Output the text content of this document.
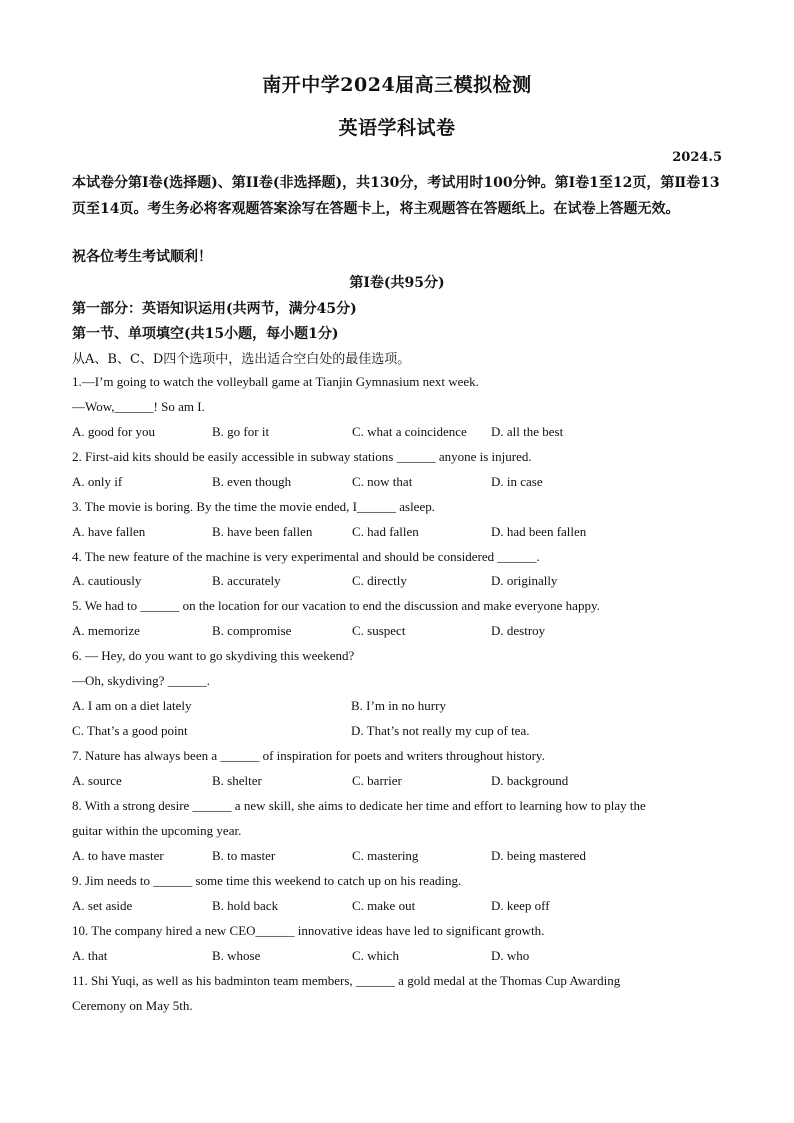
南开中学2024届高三模拟检测
英语学科试卷
2024.5
本试卷分第I卷(选择题)、第II卷(非选择题)，共130分，考试用时100分钟。第I卷1至12页，第Ⅱ卷13页至14页。考生务必将客观题答案涂写在答题卡上，将主观题答在答题纸上。在试卷上答题无效。
祝各位考生考试顺利！
第I卷(共95分)
第一部分：英语知识运用(共两节，满分45分)
第一节、单项填空(共15小题，每小题1分)
从A、B、C、D四个选项中，选出适合空白处的最佳选项。
1.—I’m going to watch the volleyball game at Tianjin Gymnasium next week.
—Wow,______! So am I.
A. good for you	B. go for it	C. what a coincidence D. all the best
2. First-aid kits should be easily accessible in subway stations ______ anyone is injured.
A. only if	B. even though	C. now that	D. in case
3. The movie is boring. By the time the movie ended, I______ asleep.
A. have fallen	B. have been fallen	C. had fallen	D. had been fallen
4. The new feature of the machine is very experimental and should be considered ______.
A. cautiously	B. accurately	C. directly	D. originally
5. We had to ______ on the location for our vacation to end the discussion and make everyone happy.
A. memorize	B. compromise	C. suspect	D. destroy
6. — Hey, do you want to go skydiving this weekend?
—Oh, skydiving? ______.
A. I am on a diet lately	B. I’m in no hurry
C. That’s a good point	D. That’s not really my cup of tea.
7. Nature has always been a ______ of inspiration for poets and writers throughout history.
A. source	B. shelter	C. barrier	D. background
8. With a strong desire ______ a new skill, she aims to dedicate her time and effort to learning how to play the
guitar within the upcoming year.
A. to have master	B. to master	C. mastering	D. being mastered
9. Jim needs to ______ some time this weekend to catch up on his reading.
A. set aside	B. hold back	C. make out	D. keep off
10. The company hired a new CEO______ innovative ideas have led to significant growth.
A. that	B. whose	C. which	D. who
11. Shi Yuqi, as well as his badminton team members, ______ a gold medal at the Thomas Cup Awarding
Ceremony on May 5th.
